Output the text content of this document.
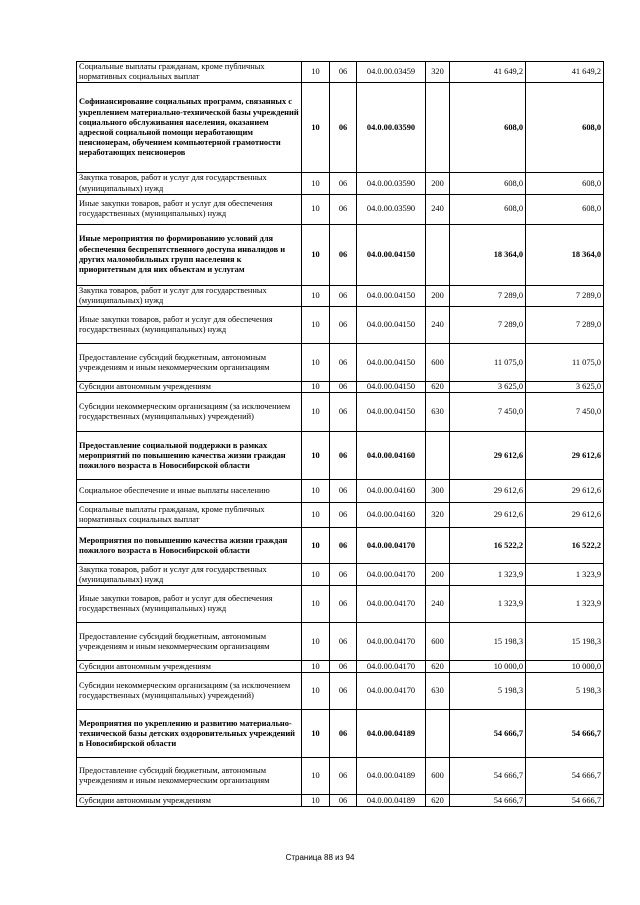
Социальные выплаты гражданам, кроме публичных нормативных социальных выплат	10	06	04.0.00.03459	320	41 649,2	41 649,2
Софинансирование социальных программ, связанных с укреплением материально-технической базы учреждений социального обслуживания населения, оказанием адресной социальной помощи неработающим пенсионерам, обучением компьютерной грамотности неработающих пенсионеров	10	06	04.0.00.03590		608,0	608,0
Закупка товаров, работ и услуг для государственных (муниципальных) нужд	10	06	04.0.00.03590	200	608,0	608,0
Иные закупки товаров, работ и услуг для обеспечения государственных (муниципальных) нужд	10	06	04.0.00.03590	240	608,0	608,0
Иные мероприятия по формированию условий для обеспечения беспрепятственного доступа инвалидов и других маломобильных групп населения к приоритетным для них объектам и услугам	10	06	04.0.00.04150		18 364,0	18 364,0
Закупка товаров, работ и услуг для государственных (муниципальных) нужд	10	06	04.0.00.04150	200	7 289,0	7 289,0
Иные закупки товаров, работ и услуг для обеспечения государственных (муниципальных) нужд	10	06	04.0.00.04150	240	7 289,0	7 289,0
Предоставление субсидий бюджетным, автономным учреждениям и иным некоммерческим организациям	10	06	04.0.00.04150	600	11 075,0	11 075,0
Субсидии автономным учреждениям	10	06	04.0.00.04150	620	3 625,0	3 625,0
Субсидии некоммерческим организациям (за исключением государственных (муниципальных) учреждений)	10	06	04.0.00.04150	630	7 450,0	7 450,0
Предоставление социальной поддержки в рамках мероприятий по повышению качества жизни граждан пожилого возраста в Новосибирской области	10	06	04.0.00.04160		29 612,6	29 612,6
Социальное обеспечение и иные выплаты населению	10	06	04.0.00.04160	300	29 612,6	29 612,6
Социальные выплаты гражданам, кроме публичных нормативных социальных выплат	10	06	04.0.00.04160	320	29 612,6	29 612,6
Мероприятия по повышению качества жизни граждан пожилого возраста в Новосибирской области	10	06	04.0.00.04170		16 522,2	16 522,2
Закупка товаров, работ и услуг для государственных (муниципальных) нужд	10	06	04.0.00.04170	200	1 323,9	1 323,9
Иные закупки товаров, работ и услуг для обеспечения государственных (муниципальных) нужд	10	06	04.0.00.04170	240	1 323,9	1 323,9
Предоставление субсидий бюджетным, автономным учреждениям и иным некоммерческим организациям	10	06	04.0.00.04170	600	15 198,3	15 198,3
Субсидии автономным учреждениям	10	06	04.0.00.04170	620	10 000,0	10 000,0
Субсидии некоммерческим организациям (за исключением государственных (муниципальных) учреждений)	10	06	04.0.00.04170	630	5 198,3	5 198,3
Мероприятия по укреплению и развитию материально-технической базы детских оздоровительных учреждений в Новосибирской области	10	06	04.0.00.04189		54 666,7	54 666,7
Предоставление субсидий бюджетным, автономным учреждениям и иным некоммерческим организациям	10	06	04.0.00.04189	600	54 666,7	54 666,7
Субсидии автономным учреждениям	10	06	04.0.00.04189	620	54 666,7	54 666,7
Страница 88 из 94
